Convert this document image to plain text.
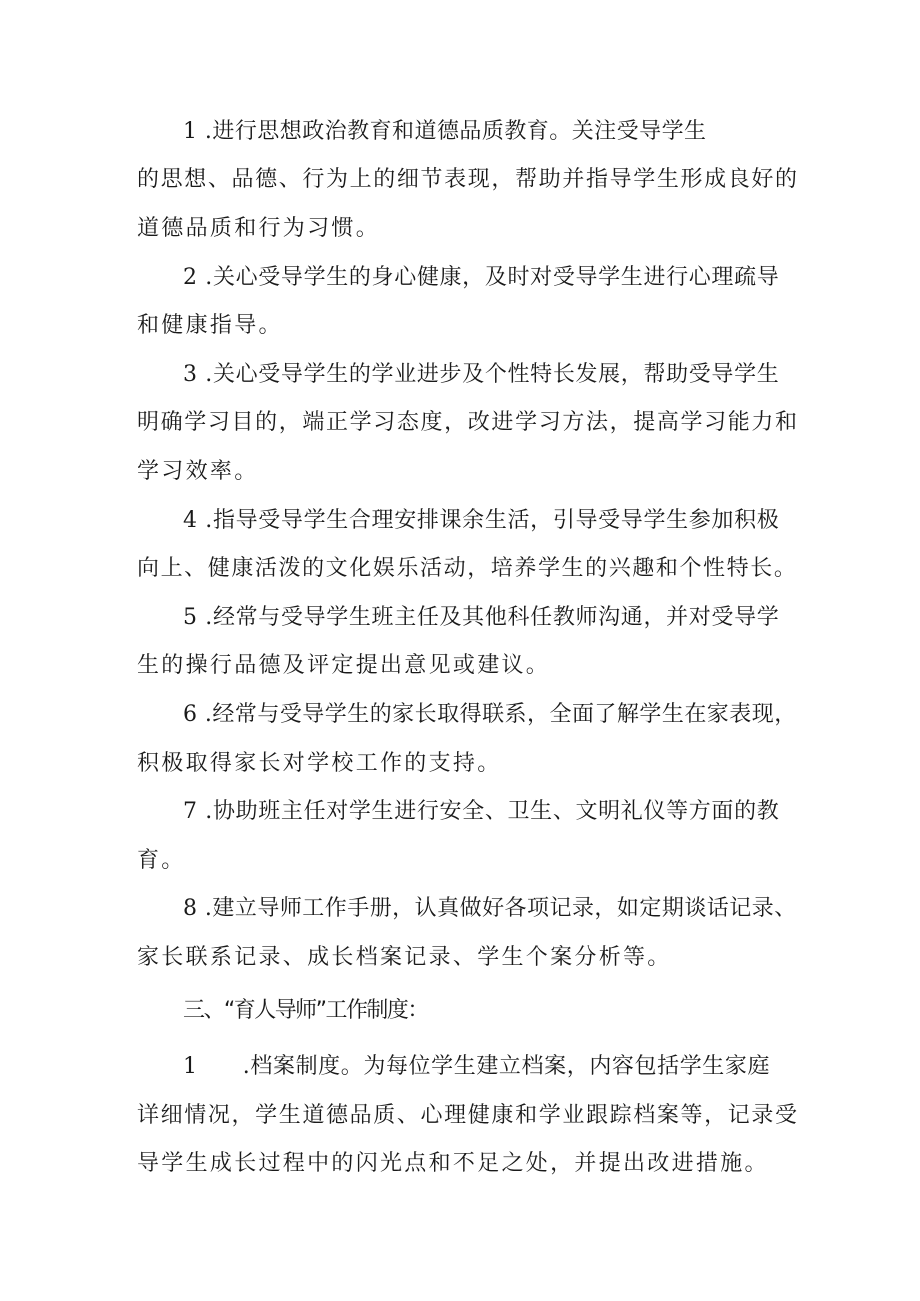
1 .进行思想政治教育和道德品质教育。关注受导学生
的思想、品德、行为上的细节表现，帮助并指导学生形成良好的
道德品质和行为习惯。
2 .关心受导学生的身心健康，及时对受导学生进行心理疏导
和健康指导。
3 .关心受导学生的学业进步及个性特长发展，帮助受导学生
明确学习目的，端正学习态度，改进学习方法，提高学习能力和
学习效率。
4 .指导受导学生合理安排课余生活，引导受导学生参加积极
向上、健康活泼的文化娱乐活动，培养学生的兴趣和个性特长。
5 .经常与受导学生班主任及其他科任教师沟通，并对受导学
生的操行品德及评定提出意见或建议。
6 .经常与受导学生的家长取得联系，全面了解学生在家表现，
积极取得家长对学校工作的支持。
7 .协助班主任对学生进行安全、卫生、文明礼仪等方面的教
育。
8 .建立导师工作手册，认真做好各项记录，如定期谈话记录、
家长联系记录、成长档案记录、学生个案分析等。
三、“育人导师”工作制度：
1　　.档案制度。为每位学生建立档案，内容包括学生家庭
详细情况，学生道德品质、心理健康和学业跟踪档案等，记录受
导学生成长过程中的闪光点和不足之处，并提出改进措施。
